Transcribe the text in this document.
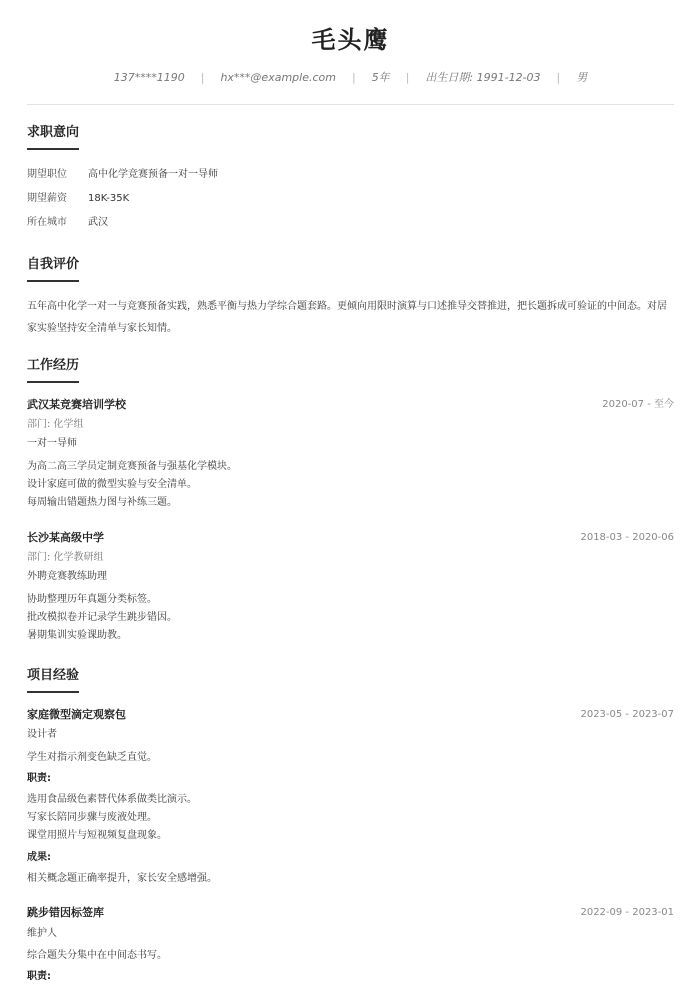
毛头鹰
137****1190 | hx***@example.com | 5年 | 出生日期: 1991-12-03 | 男
求职意向
期望职位 高中化学竞赛预备一对一导师
期望薪资 18K-35K
所在城市 武汉
自我评价
五年高中化学一对一与竞赛预备实践，熟悉平衡与热力学综合题套路。更倾向用限时演算与口述推导交替推进，把长题拆成可验证的中间态。对居家实验坚持安全清单与家长知情。
工作经历
武汉某竞赛培训学校	2020-07 - 至今
部门: 化学组
一对一导师
为高二高三学员定制竞赛预备与强基化学模块。
设计家庭可做的微型实验与安全清单。
每周输出错题热力图与补练三题。
长沙某高级中学	2018-03 - 2020-06
部门: 化学教研组
外聘竞赛教练助理
协助整理历年真题分类标签。
批改模拟卷并记录学生跳步错因。
暑期集训实验课助教。
项目经验
家庭微型滴定观察包	2023-05 - 2023-07
设计者
学生对指示剂变色缺乏直觉。
职责:
选用食品级色素替代体系做类比演示。
写家长陪同步骤与废液处理。
课堂用照片与短视频复盘现象。
成果:
相关概念题正确率提升，家长安全感增强。
跳步错因标签库	2022-09 - 2023-01
维护人
综合题失分集中在中间态书写。
职责:
